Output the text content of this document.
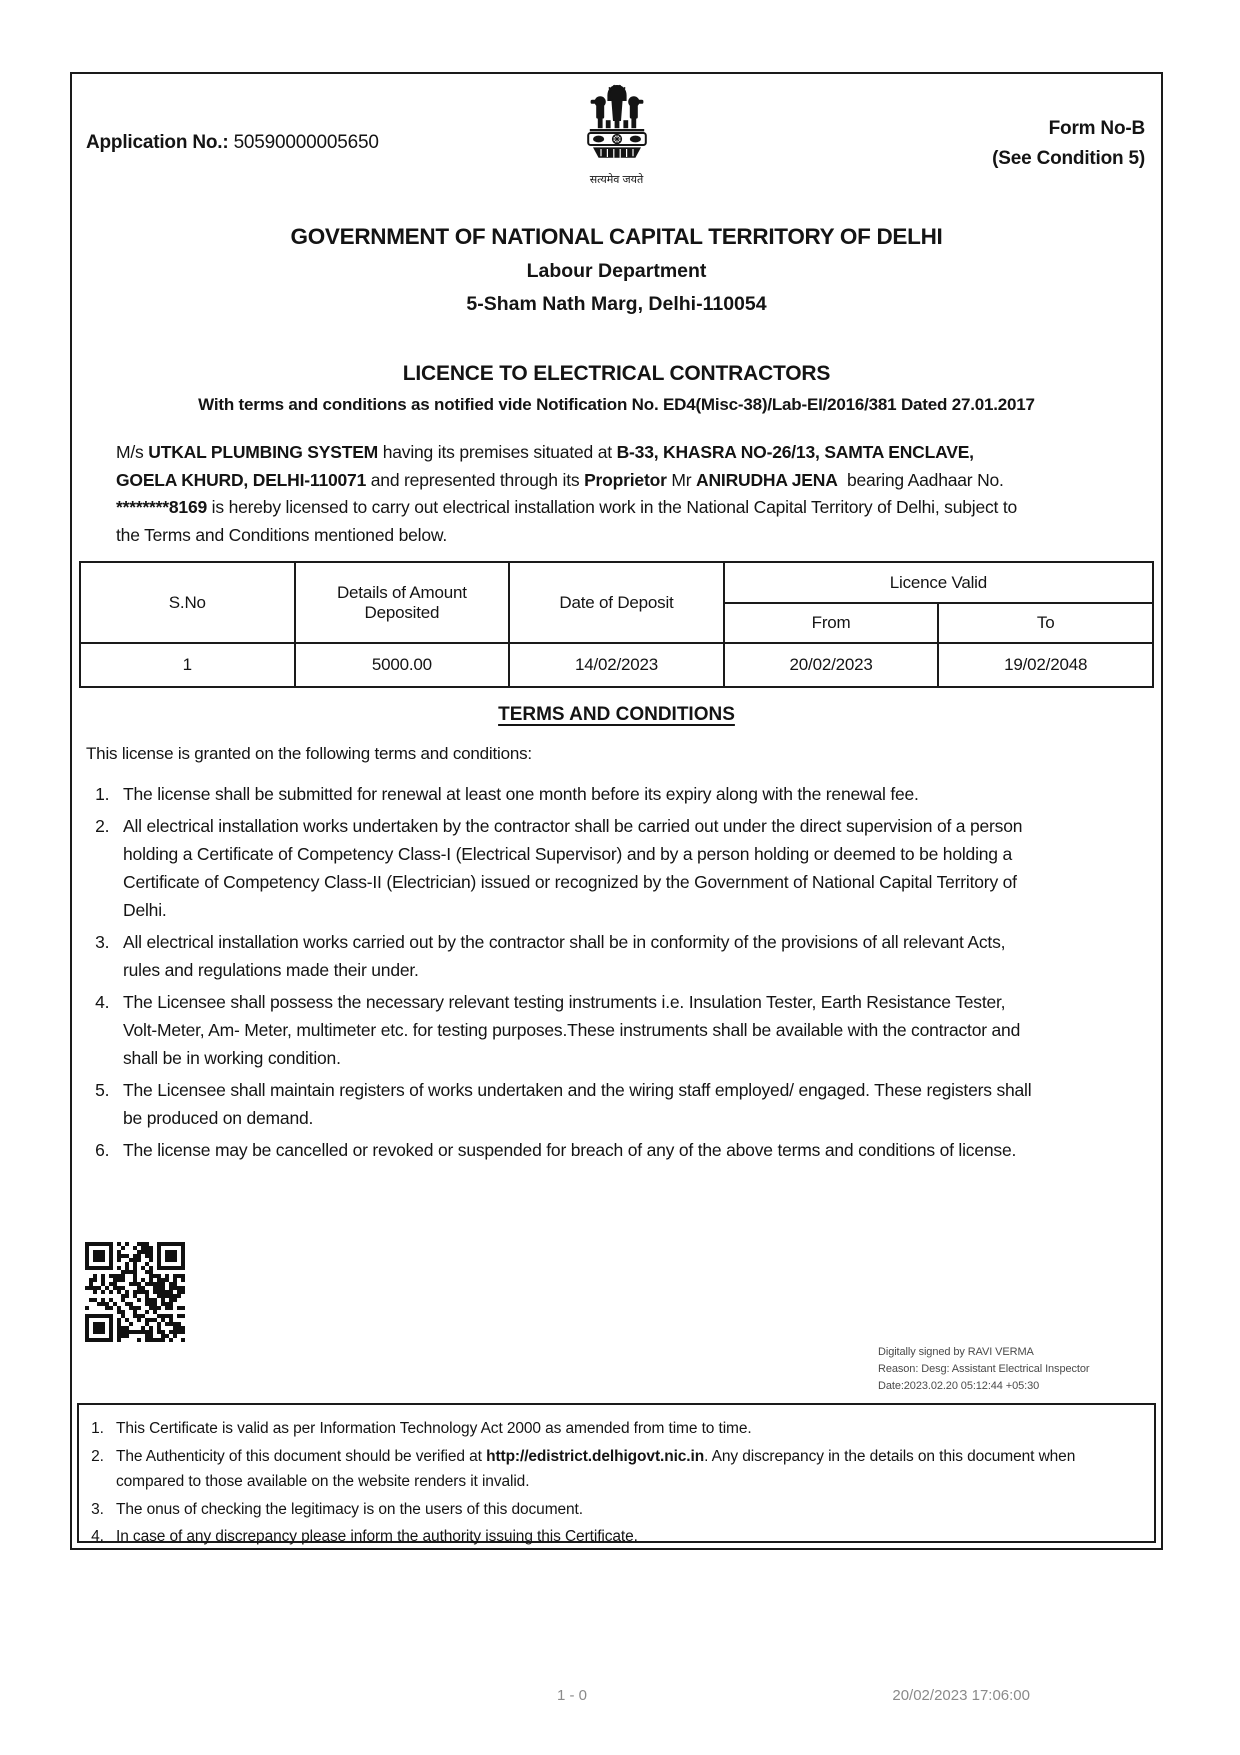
Application No.: 50590000005650
सत्यमेव जयते
Form No-B
(See Condition 5)
GOVERNMENT OF NATIONAL CAPITAL TERRITORY OF DELHI
Labour Department
5-Sham Nath Marg, Delhi-110054
LICENCE TO ELECTRICAL CONTRACTORS
With terms and conditions as notified vide Notification No. ED4(Misc-38)/Lab-EI/2016/381 Dated 27.01.2017
M/s UTKAL PLUMBING SYSTEM having its premises situated at B-33, KHASRA NO-26/13, SAMTA ENCLAVE, GOELA KHURD, DELHI-110071 and represented through its Proprietor Mr ANIRUDHA JENA  bearing Aadhaar No. ********8169 is hereby licensed to carry out electrical installation work in the National Capital Territory of Delhi, subject to the Terms and Conditions mentioned below.
S.No	Details of Amount Deposited	Date of Deposit	Licence Valid	
			From	To
1	5000.00	14/02/2023	20/02/2023	19/02/2048
TERMS AND CONDITIONS
This license is granted on the following terms and conditions:
1. The license shall be submitted for renewal at least one month before its expiry along with the renewal fee.
2. All electrical installation works undertaken by the contractor shall be carried out under the direct supervision of a person holding a Certificate of Competency Class-I (Electrical Supervisor) and by a person holding or deemed to be holding a Certificate of Competency Class-II (Electrician) issued or recognized by the Government of National Capital Territory of Delhi.
3. All electrical installation works carried out by the contractor shall be in conformity of the provisions of all relevant Acts, rules and regulations made their under.
4. The Licensee shall possess the necessary relevant testing instruments i.e. Insulation Tester, Earth Resistance Tester, Volt-Meter, Am- Meter, multimeter etc. for testing purposes.These instruments shall be available with the contractor and shall be in working condition.
5. The Licensee shall maintain registers of works undertaken and the wiring staff employed/ engaged. These registers shall be produced on demand.
6. The license may be cancelled or revoked or suspended for breach of any of the above terms and conditions of license.
Digitally signed by RAVI VERMA
Reason: Desg: Assistant Electrical Inspector
Date:2023.02.20 05:12:44 +05:30
1. This Certificate is valid as per Information Technology Act 2000 as amended from time to time.
2. The Authenticity of this document should be verified at http://edistrict.delhigovt.nic.in. Any discrepancy in the details on this document when compared to those available on the website renders it invalid.
3. The onus of checking the legitimacy is on the users of this document.
4. In case of any discrepancy please inform the authority issuing this Certificate.
1 - 0	20/02/2023 17:06:00
